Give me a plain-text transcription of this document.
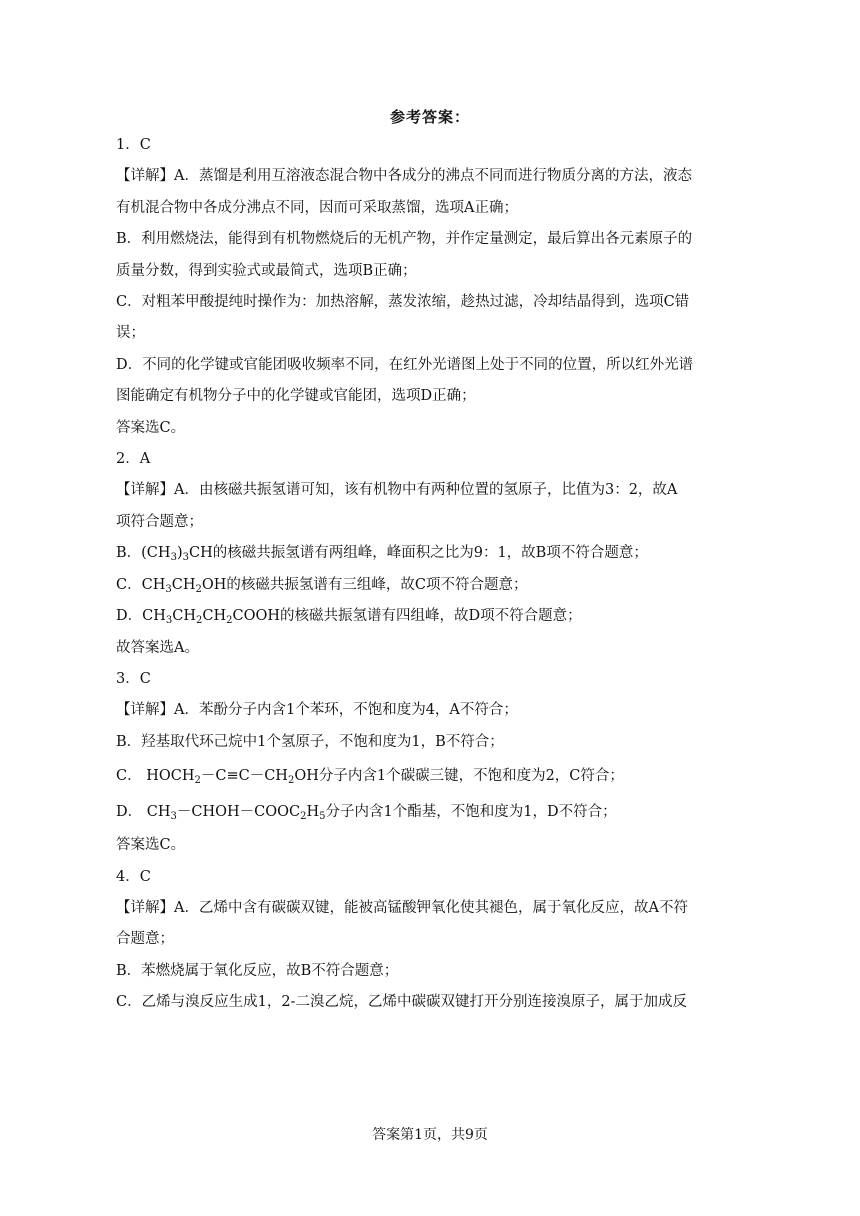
参考答案：
1．C
【详解】A．蒸馏是利用互溶液态混合物中各成分的沸点不同而进行物质分离的方法，液态
有机混合物中各成分沸点不同，因而可采取蒸馏，选项A正确；
B．利用燃烧法，能得到有机物燃烧后的无机产物，并作定量测定，最后算出各元素原子的
质量分数，得到实验式或最简式，选项B正确；
C．对粗苯甲酸提纯时操作为：加热溶解，蒸发浓缩，趁热过滤，冷却结晶得到，选项C错
误；
D．不同的化学键或官能团吸收频率不同，在红外光谱图上处于不同的位置，所以红外光谱
图能确定有机物分子中的化学键或官能团，选项D正确；
答案选C。
2．A
【详解】A．由核磁共振氢谱可知，该有机物中有两种位置的氢原子，比值为3：2，故A
项符合题意；
B．$(CH_3)_3CH$的核磁共振氢谱有两组峰，峰面积之比为9：1，故B项不符合题意；
C．$CH_3CH_2OH$的核磁共振氢谱有三组峰，故C项不符合题意；
D．$CH_3CH_2CH_2COOH$的核磁共振氢谱有四组峰，故D项不符合题意；
故答案选A。
3．C
【详解】A．苯酚分子内含1个苯环，不饱和度为4，A不符合；
B．羟基取代环己烷中1个氢原子，不饱和度为1，B不符合；
C． $HOCH_2-C\equiv C-CH_2OH$分子内含1个碳碳三键，不饱和度为2，C符合；
D． $CH_3-CHOH-COOC_2H_5$分子内含1个酯基，不饱和度为1，D不符合；
答案选C。
4．C
【详解】A．乙烯中含有碳碳双键，能被高锰酸钾氧化使其褪色，属于氧化反应，故A不符
合题意；
B．苯燃烧属于氧化反应，故B不符合题意；
C．乙烯与溴反应生成1，2-二溴乙烷，乙烯中碳碳双键打开分别连接溴原子，属于加成反
答案第1页，共9页
